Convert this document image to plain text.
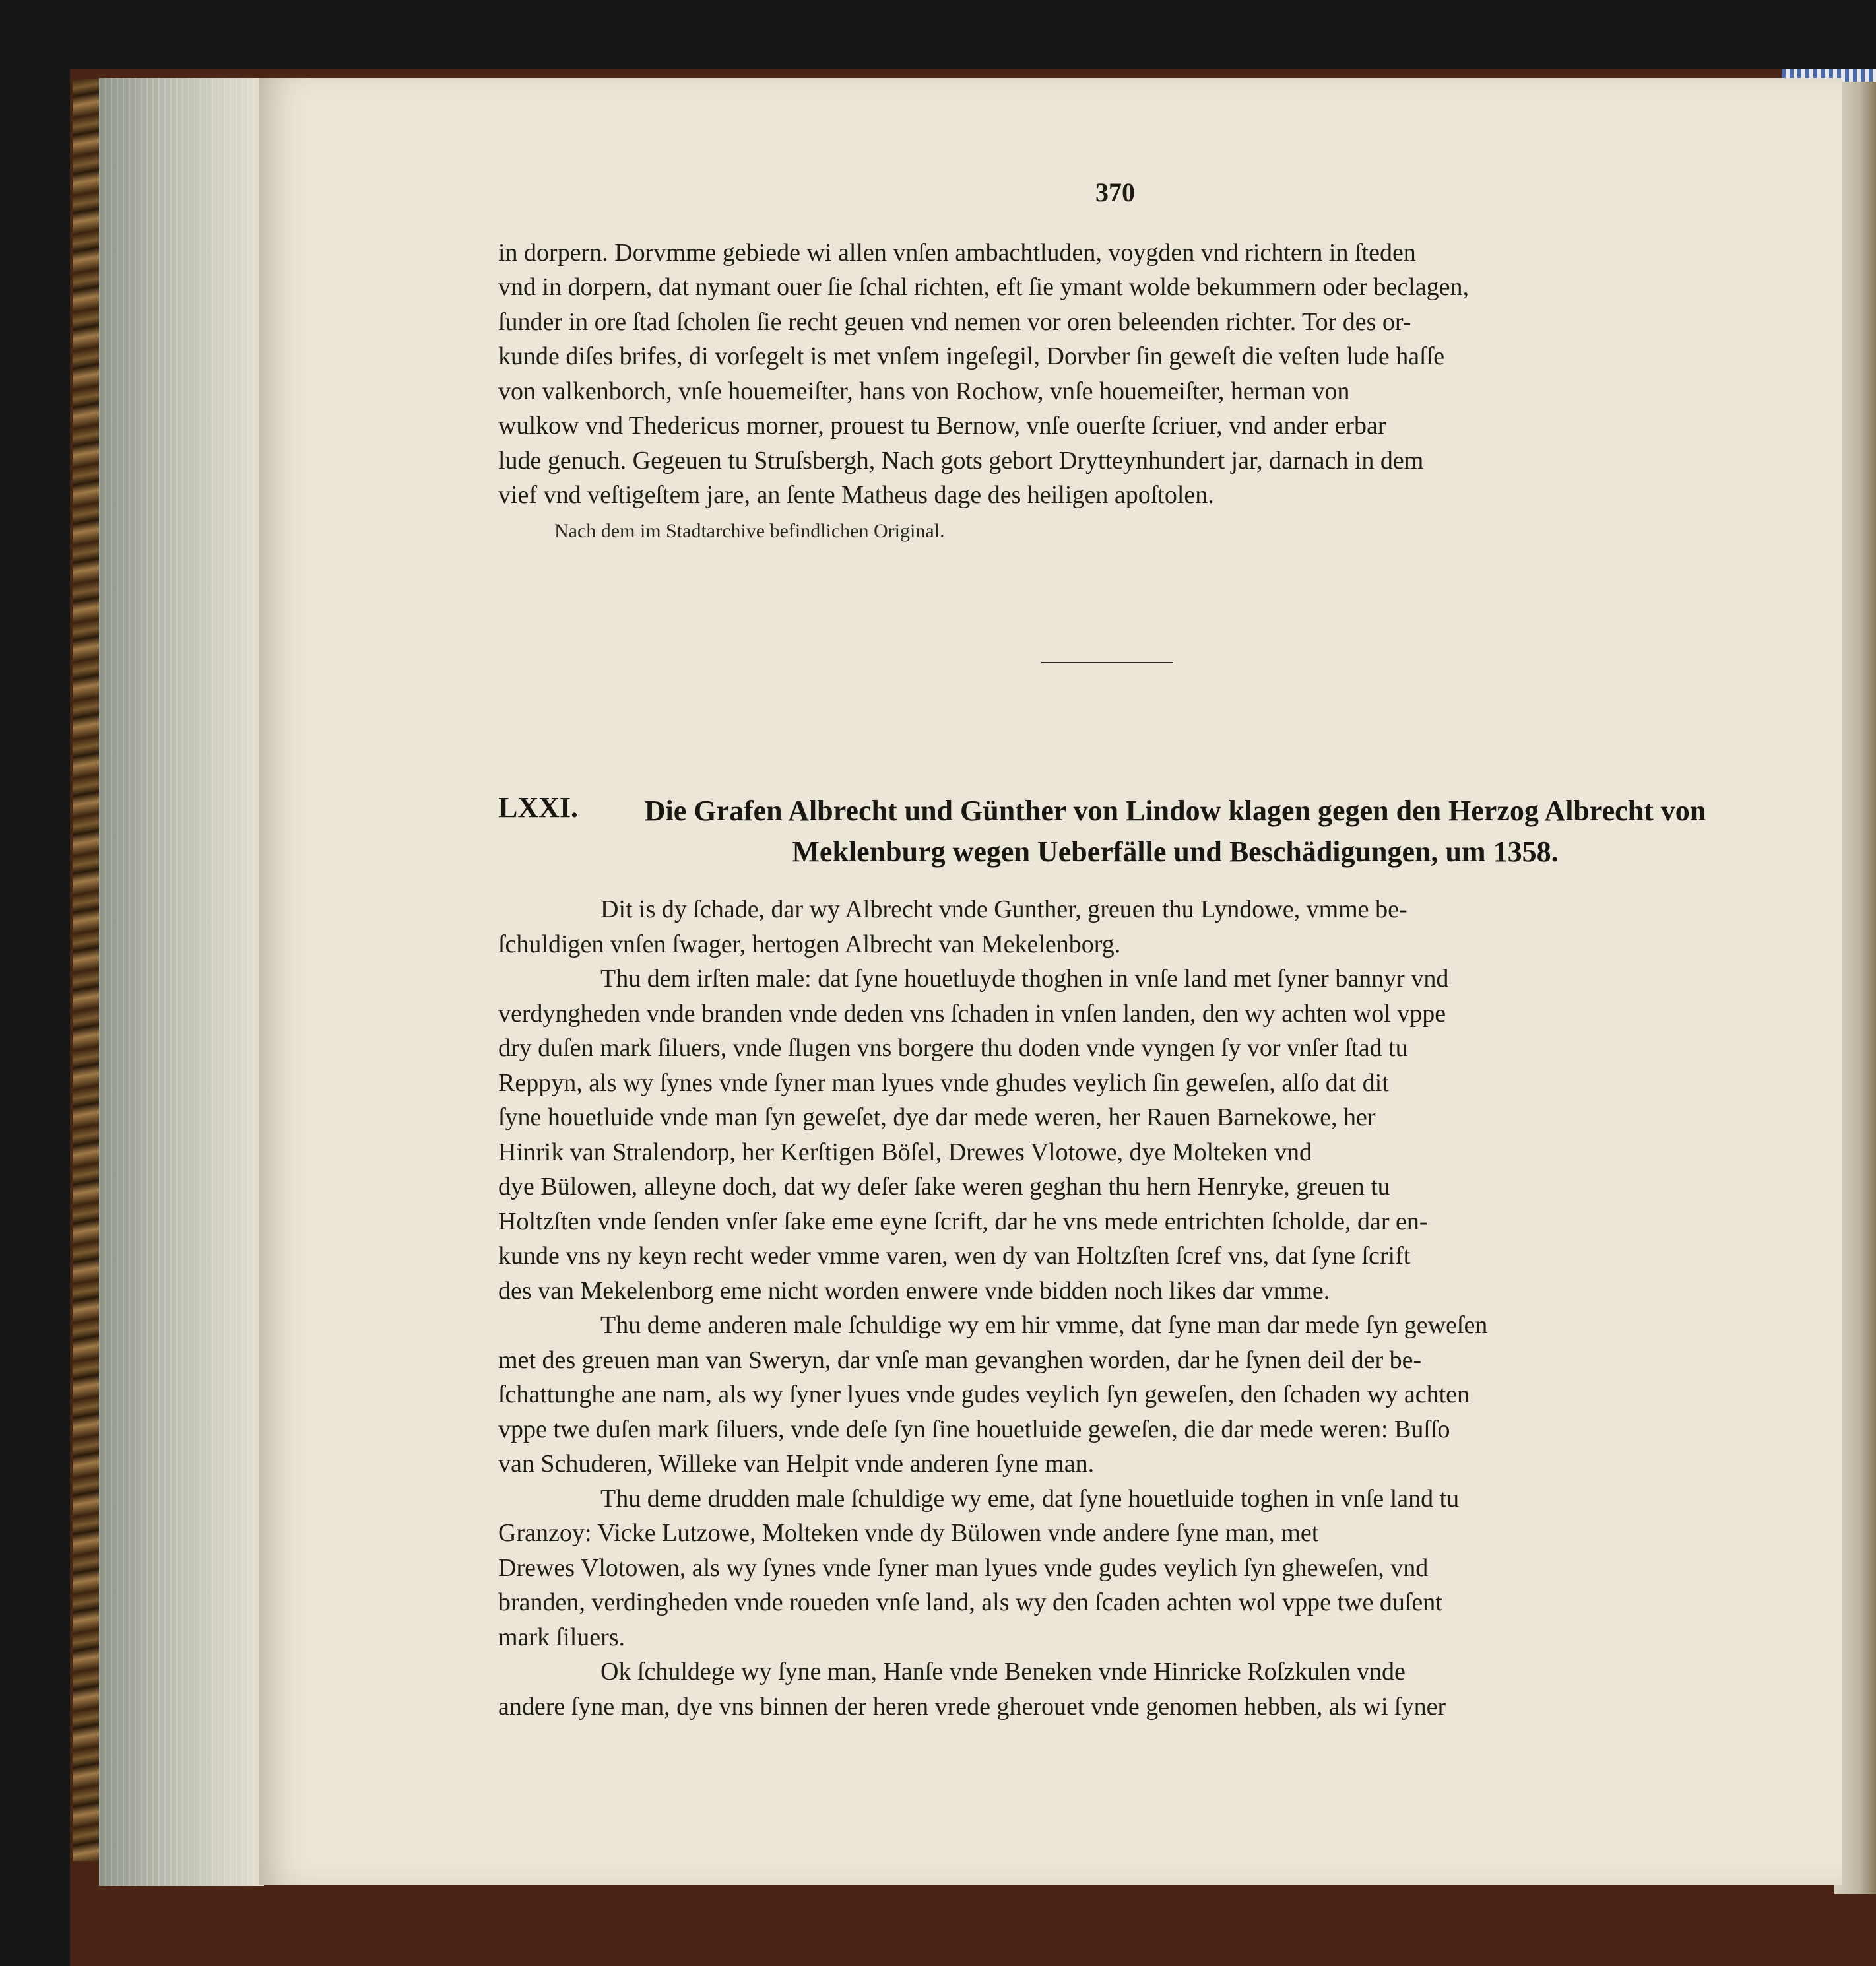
370

in dorpern. Dorvmme gebiede wi allen vnſen ambachtluden, voygden vnd richtern in ſteden

vnd in dorpern, dat nymant ouer ſie ſchal richten, eft ſie ymant wolde bekummern oder beclagen,

ſunder in ore ſtad ſcholen ſie recht geuen vnd nemen vor oren beleenden richter. Tor des or-

kunde diſes brifes, di vorſegelt is met vnſem ingeſegil, Dorvber ſin geweſt die veſten lude haſſe

von valkenborch, vnſe houemeiſter, hans von Rochow, vnſe houemeiſter, herman von

wulkow vnd Thedericus morner, prouest tu Bernow, vnſe ouerſte ſcriuer, vnd ander erbar

lude genuch. Gegeuen tu Struſsbergh, Nach gots gebort Drytteynhundert jar, darnach in dem

vief vnd veſtigeſtem jare, an ſente Matheus dage des heiligen apoſtolen.

Nach dem im Stadtarchive befindlichen Original.
LXXI.	Die Grafen Albrecht und Günther von Lindow klagen gegen den Herzog Albrecht von
Meklenburg wegen Ueberfälle und Beschädigungen, um 1358.

Dit is dy ſchade, dar wy Albrecht vnde Gunther, greuen thu Lyndowe, vmme be-

ſchuldigen vnſen ſwager, hertogen Albrecht van Mekelenborg.

Thu dem irſten male: dat ſyne houetluyde thoghen in vnſe land met ſyner bannyr vnd

verdyngheden vnde branden vnde deden vns ſchaden in vnſen landen, den wy achten wol vppe

dry duſen mark ſiluers, vnde ſlugen vns borgere thu doden vnde vyngen ſy vor vnſer ſtad tu

Reppyn, als wy ſynes vnde ſyner man lyues vnde ghudes veylich ſin geweſen, alſo dat dit

ſyne houetluide vnde man ſyn geweſet, dye dar mede weren, her Rauen Barnekowe, her

Hinrik van Stralendorp, her Kerſtigen Böſel, Drewes Vlotowe, dye Molteken vnd

dye Bülowen, alleyne doch, dat wy deſer ſake weren geghan thu hern Henryke, greuen tu

Holtzſten vnde ſenden vnſer ſake eme eyne ſcrift, dar he vns mede entrichten ſcholde, dar en-

kunde vns ny keyn recht weder vmme varen, wen dy van Holtzſten ſcref vns, dat ſyne ſcrift

des van Mekelenborg eme nicht worden enwere vnde bidden noch likes dar vmme.

Thu deme anderen male ſchuldige wy em hir vmme, dat ſyne man dar mede ſyn geweſen

met des greuen man van Sweryn, dar vnſe man gevanghen worden, dar he ſynen deil der be-

ſchattunghe ane nam, als wy ſyner lyues vnde gudes veylich ſyn geweſen, den ſchaden wy achten

vppe twe duſen mark ſiluers, vnde deſe ſyn ſine houetluide geweſen, die dar mede weren: Buſſo

van Schuderen, Willeke van Helpit vnde anderen ſyne man.

Thu deme drudden male ſchuldige wy eme, dat ſyne houetluide toghen in vnſe land tu

Granzoy: Vicke Lutzowe, Molteken vnde dy Bülowen vnde andere ſyne man, met

Drewes Vlotowen, als wy ſynes vnde ſyner man lyues vnde gudes veylich ſyn gheweſen, vnd

branden, verdingheden vnde roueden vnſe land, als wy den ſcaden achten wol vppe twe duſent

mark ſiluers.

Ok ſchuldege wy ſyne man, Hanſe vnde Beneken vnde Hinricke Roſzkulen vnde

andere ſyne man, dye vns binnen der heren vrede gherouet vnde genomen hebben, als wi ſyner
